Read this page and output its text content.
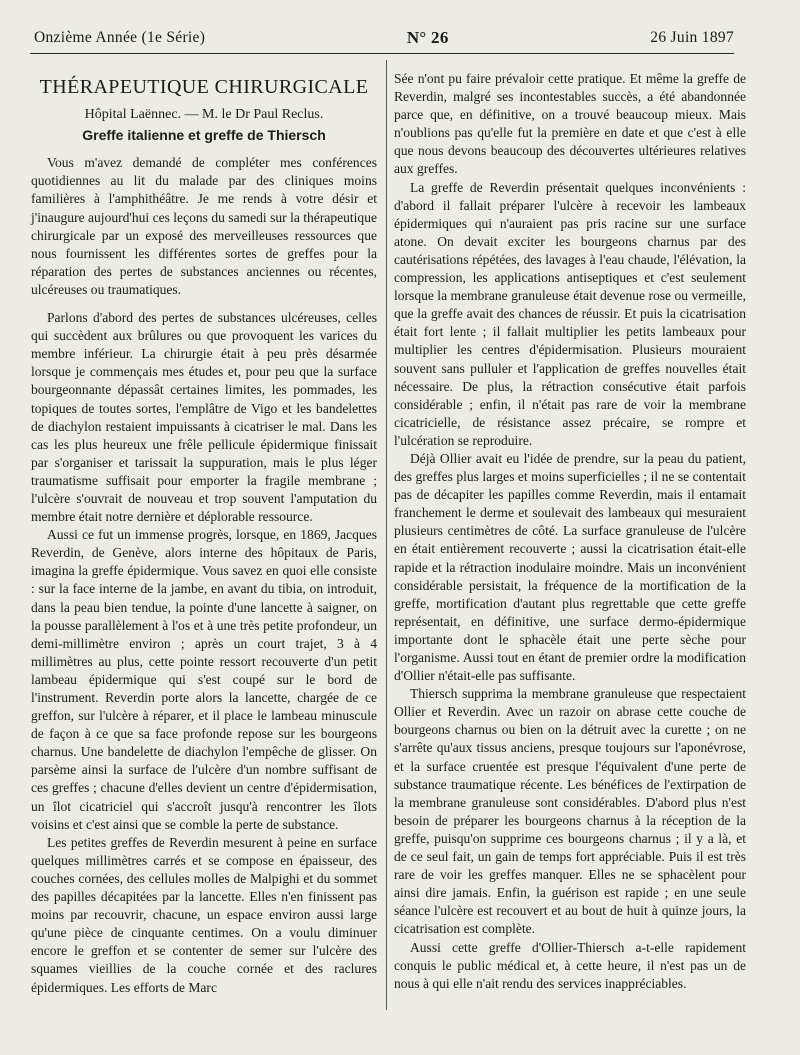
Onzième Année (1e Série)	N° 26	26 Juin 1897
THÉRAPEUTIQUE CHIRURGICALE
Hôpital Laënnec. — M. le Dr Paul Reclus.
Greffe italienne et greffe de Thiersch

Vous m'avez demandé de compléter mes conférences quotidiennes au lit du malade par des cliniques moins familières à l'amphithéâtre. Je me rends à votre désir et j'inaugure aujourd'hui ces leçons du samedi sur la thérapeutique chirurgicale par un exposé des merveilleuses ressources que nous fournissent les différentes sortes de greffes pour la réparation des pertes de substances anciennes ou récentes, ulcéreuses ou traumatiques.

Parlons d'abord des pertes de substances ulcéreuses, celles qui succèdent aux brûlures ou que provoquent les varices du membre inférieur. La chirurgie était à peu près désarmée lorsque je commençais mes études et, pour peu que la surface bourgeonnante dépassât certaines limites, les pommades, les topiques de toutes sortes, l'emplâtre de Vigo et les bandelettes de diachylon restaient impuissants à cicatriser le mal. Dans les cas les plus heureux une frêle pellicule épidermique finissait par s'organiser et tarissait la suppuration, mais le plus léger traumatisme suffisait pour emporter la fragile membrane ; l'ulcère s'ouvrait de nouveau et trop souvent l'amputation du membre était notre dernière et déplorable ressource.

Aussi ce fut un immense progrès, lorsque, en 1869, Jacques Reverdin, de Genève, alors interne des hôpitaux de Paris, imagina la greffe épidermique. Vous savez en quoi elle consiste : sur la face interne de la jambe, en avant du tibia, on introduit, dans la peau bien tendue, la pointe d'une lancette à saigner, on la pousse parallèlement à l'os et à une très petite profondeur, un demi-millimètre environ ; après un court trajet, 3 à 4 millimètres au plus, cette pointe ressort recouverte d'un petit lambeau épidermique qui s'est coupé sur le bord de l'instrument. Reverdin porte alors la lancette, chargée de ce greffon, sur l'ulcère à réparer, et il place le lambeau minuscule de façon à ce que sa face profonde repose sur les bourgeons charnus. Une bandelette de diachylon l'empêche de glisser. On parsème ainsi la surface de l'ulcère d'un nombre suffisant de ces greffes ; chacune d'elles devient un centre d'épidermisation, un îlot cicatriciel qui s'accroît jusqu'à rencontrer les îlots voisins et c'est ainsi que se comble la perte de substance.

Les petites greffes de Reverdin mesurent à peine en surface quelques millimètres carrés et se compose en épaisseur, des couches cornées, des cellules molles de Malpighi et du sommet des papilles décapitées par la lancette. Elles n'en finissent pas moins par recouvrir, chacune, un espace environ aussi large qu'une pièce de cinquante centimes. On a voulu diminuer encore le greffon et se contenter de semer sur l'ulcère des squames vieillies de la couche cornée et des raclures épidermiques. Les efforts de Marc

Sée n'ont pu faire prévaloir cette pratique. Et même la greffe de Reverdin, malgré ses incontestables succès, a été abandonnée parce que, en définitive, on a trouvé beaucoup mieux. Mais n'oublions pas qu'elle fut la première en date et que c'est à elle que nous devons beaucoup des découvertes ultérieures relatives aux greffes.

La greffe de Reverdin présentait quelques inconvénients : d'abord il fallait préparer l'ulcère à recevoir les lambeaux épidermiques qui n'auraient pas pris racine sur une surface atone. On devait exciter les bourgeons charnus par des cautérisations répétées, des lavages à l'eau chaude, l'élévation, la compression, les applications antiseptiques et c'est seulement lorsque la membrane granuleuse était devenue rose ou vermeille, que la greffe avait des chances de réussir. Et puis la cicatrisation était fort lente ; il fallait multiplier les petits lambeaux pour multiplier les centres d'épidermisation. Plusieurs mouraient souvent sans pulluler et l'application de greffes nouvelles était nécessaire. De plus, la rétraction consécutive était parfois considérable ; enfin, il n'était pas rare de voir la membrane cicatricielle, de résistance assez précaire, se rompre et l'ulcération se reproduire.

Déjà Ollier avait eu l'idée de prendre, sur la peau du patient, des greffes plus larges et moins superficielles ; il ne se contentait pas de décapiter les papilles comme Reverdin, mais il entamait franchement le derme et soulevait des lambeaux qui mesuraient plusieurs centimètres de côté. La surface granuleuse de l'ulcère en était entièrement recouverte ; aussi la cicatrisation était-elle rapide et la rétraction inodulaire moindre. Mais un inconvénient considérable persistait, la fréquence de la mortification de la greffe, mortification d'autant plus regrettable que cette greffe représentait, en définitive, une surface dermo-épidermique importante dont le sphacèle était une perte sèche pour l'organisme. Aussi tout en étant de premier ordre la modification d'Ollier n'était-elle pas suffisante.

Thiersch supprima la membrane granuleuse que respectaient Ollier et Reverdin. Avec un razoir on abrase cette couche de bourgeons charnus ou bien on la détruit avec la curette ; on ne s'arrête qu'aux tissus anciens, presque toujours sur l'aponévrose, et la surface cruentée est presque l'équivalent d'une perte de substance traumatique récente. Les bénéfices de l'extirpation de la membrane granuleuse sont considérables. D'abord plus n'est besoin de préparer les bourgeons charnus à la réception de la greffe, puisqu'on supprime ces bourgeons charnus ; il y a là, et de ce seul fait, un gain de temps fort appréciable. Puis il est très rare de voir les greffes manquer. Elles ne se sphacèlent pour ainsi dire jamais. Enfin, la guérison est rapide ; en une seule séance l'ulcère est recouvert et au bout de huit à quinze jours, la cicatrisation est complète.

Aussi cette greffe d'Ollier-Thiersch a-t-elle rapidement conquis le public médical et, à cette heure, il n'est pas un de nous à qui elle n'ait rendu des services inappréciables.
